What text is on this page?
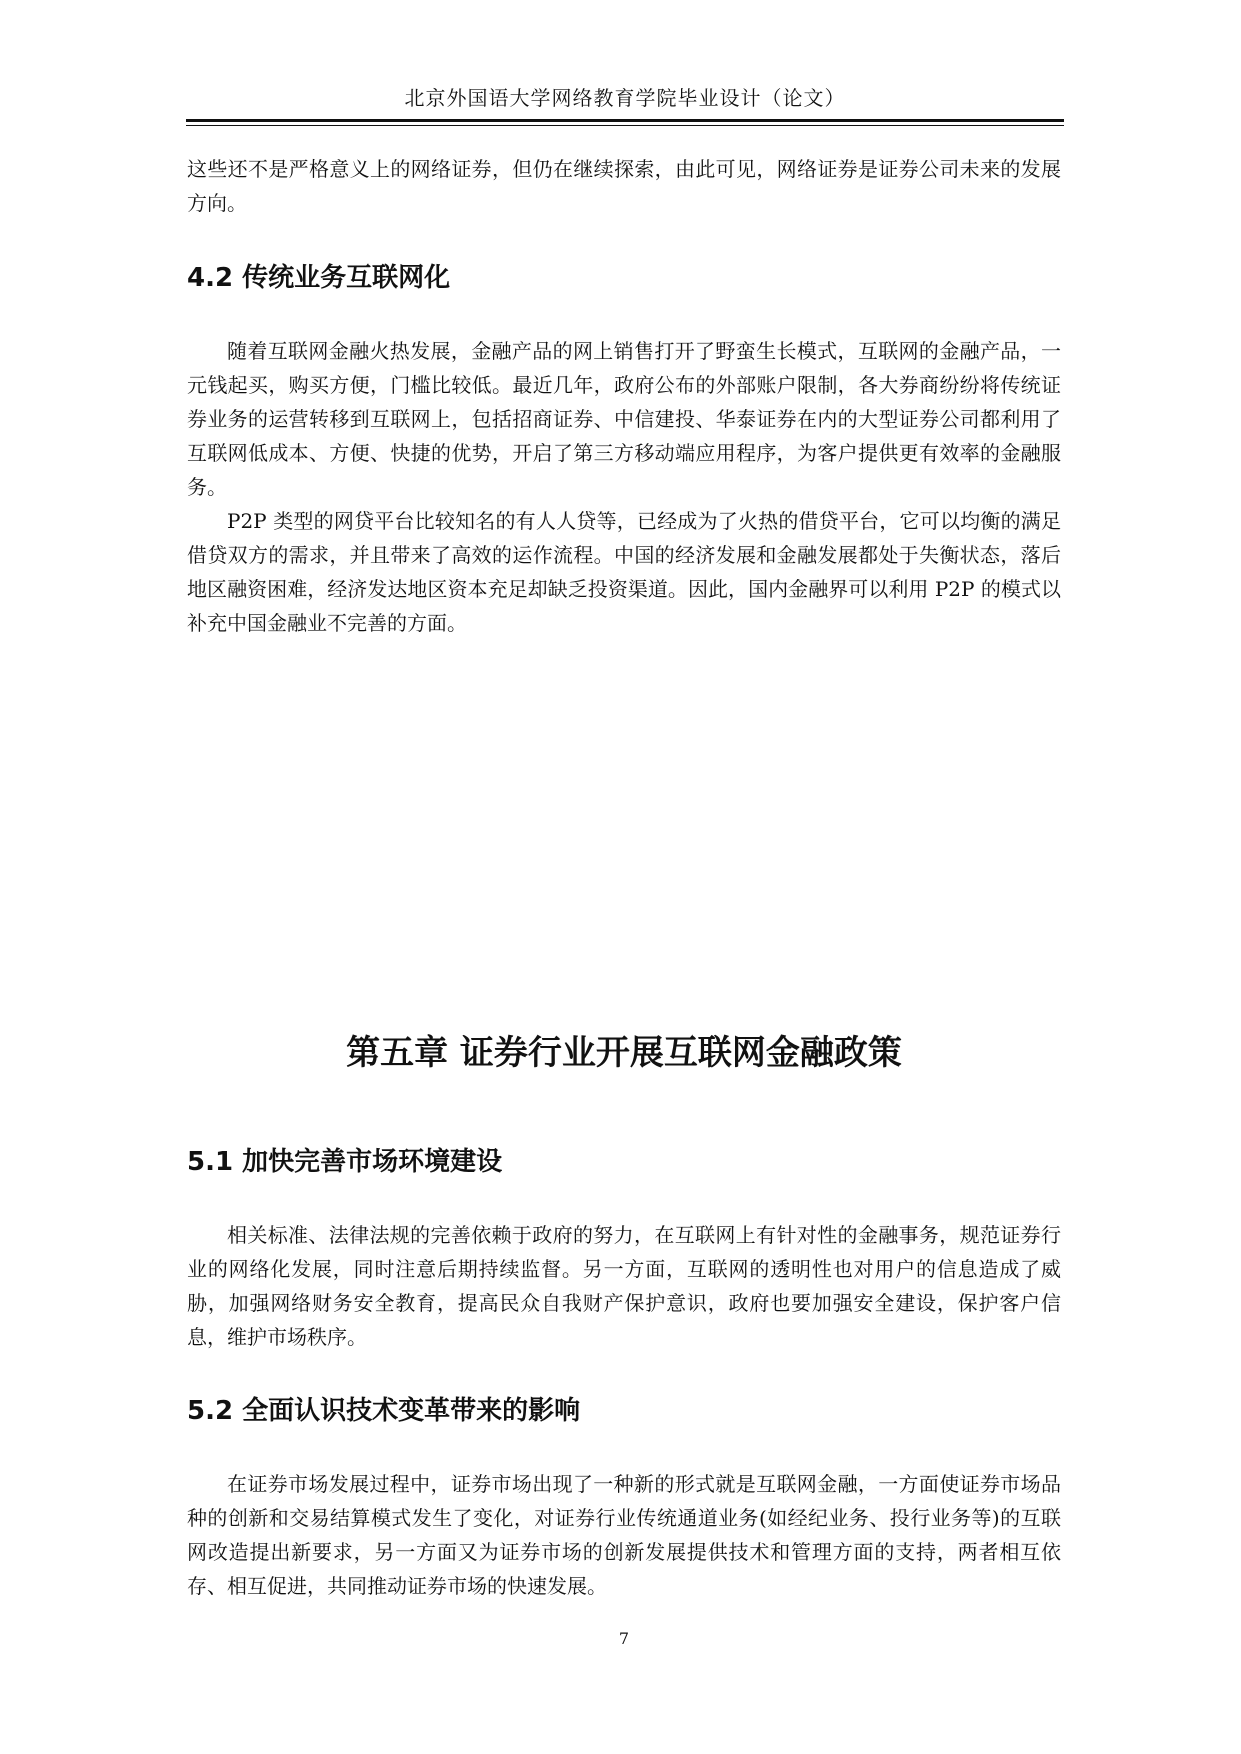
北京外国语大学网络教育学院毕业设计（论文）

这些还不是严格意义上的网络证券，但仍在继续探索，由此可见，网络证券是证券公司未来的发展方向。

4.2 传统业务互联网化

随着互联网金融火热发展，金融产品的网上销售打开了野蛮生长模式，互联网的金融产品，一元钱起买，购买方便，门槛比较低。最近几年，政府公布的外部账户限制，各大券商纷纷将传统证券业务的运营转移到互联网上，包括招商证券、中信建投、华泰证券在内的大型证券公司都利用了互联网低成本、方便、快捷的优势，开启了第三方移动端应用程序，为客户提供更有效率的金融服务。

P2P 类型的网贷平台比较知名的有人人贷等，已经成为了火热的借贷平台，它可以均衡的满足借贷双方的需求，并且带来了高效的运作流程。中国的经济发展和金融发展都处于失衡状态，落后地区融资困难，经济发达地区资本充足却缺乏投资渠道。因此，国内金融界可以利用 P2P 的模式以补充中国金融业不完善的方面。

第五章 证券行业开展互联网金融政策
5.1 加快完善市场环境建设

相关标准、法律法规的完善依赖于政府的努力，在互联网上有针对性的金融事务，规范证券行业的网络化发展，同时注意后期持续监督。另一方面，互联网的透明性也对用户的信息造成了威胁，加强网络财务安全教育，提高民众自我财产保护意识，政府也要加强安全建设，保护客户信息，维护市场秩序。

5.2 全面认识技术变革带来的影响

在证券市场发展过程中，证券市场出现了一种新的形式就是互联网金融，一方面使证券市场品种的创新和交易结算模式发生了变化，对证券行业传统通道业务(如经纪业务、投行业务等)的互联网改造提出新要求，另一方面又为证券市场的创新发展提供技术和管理方面的支持，两者相互依存、相互促进，共同推动证券市场的快速发展。

7
